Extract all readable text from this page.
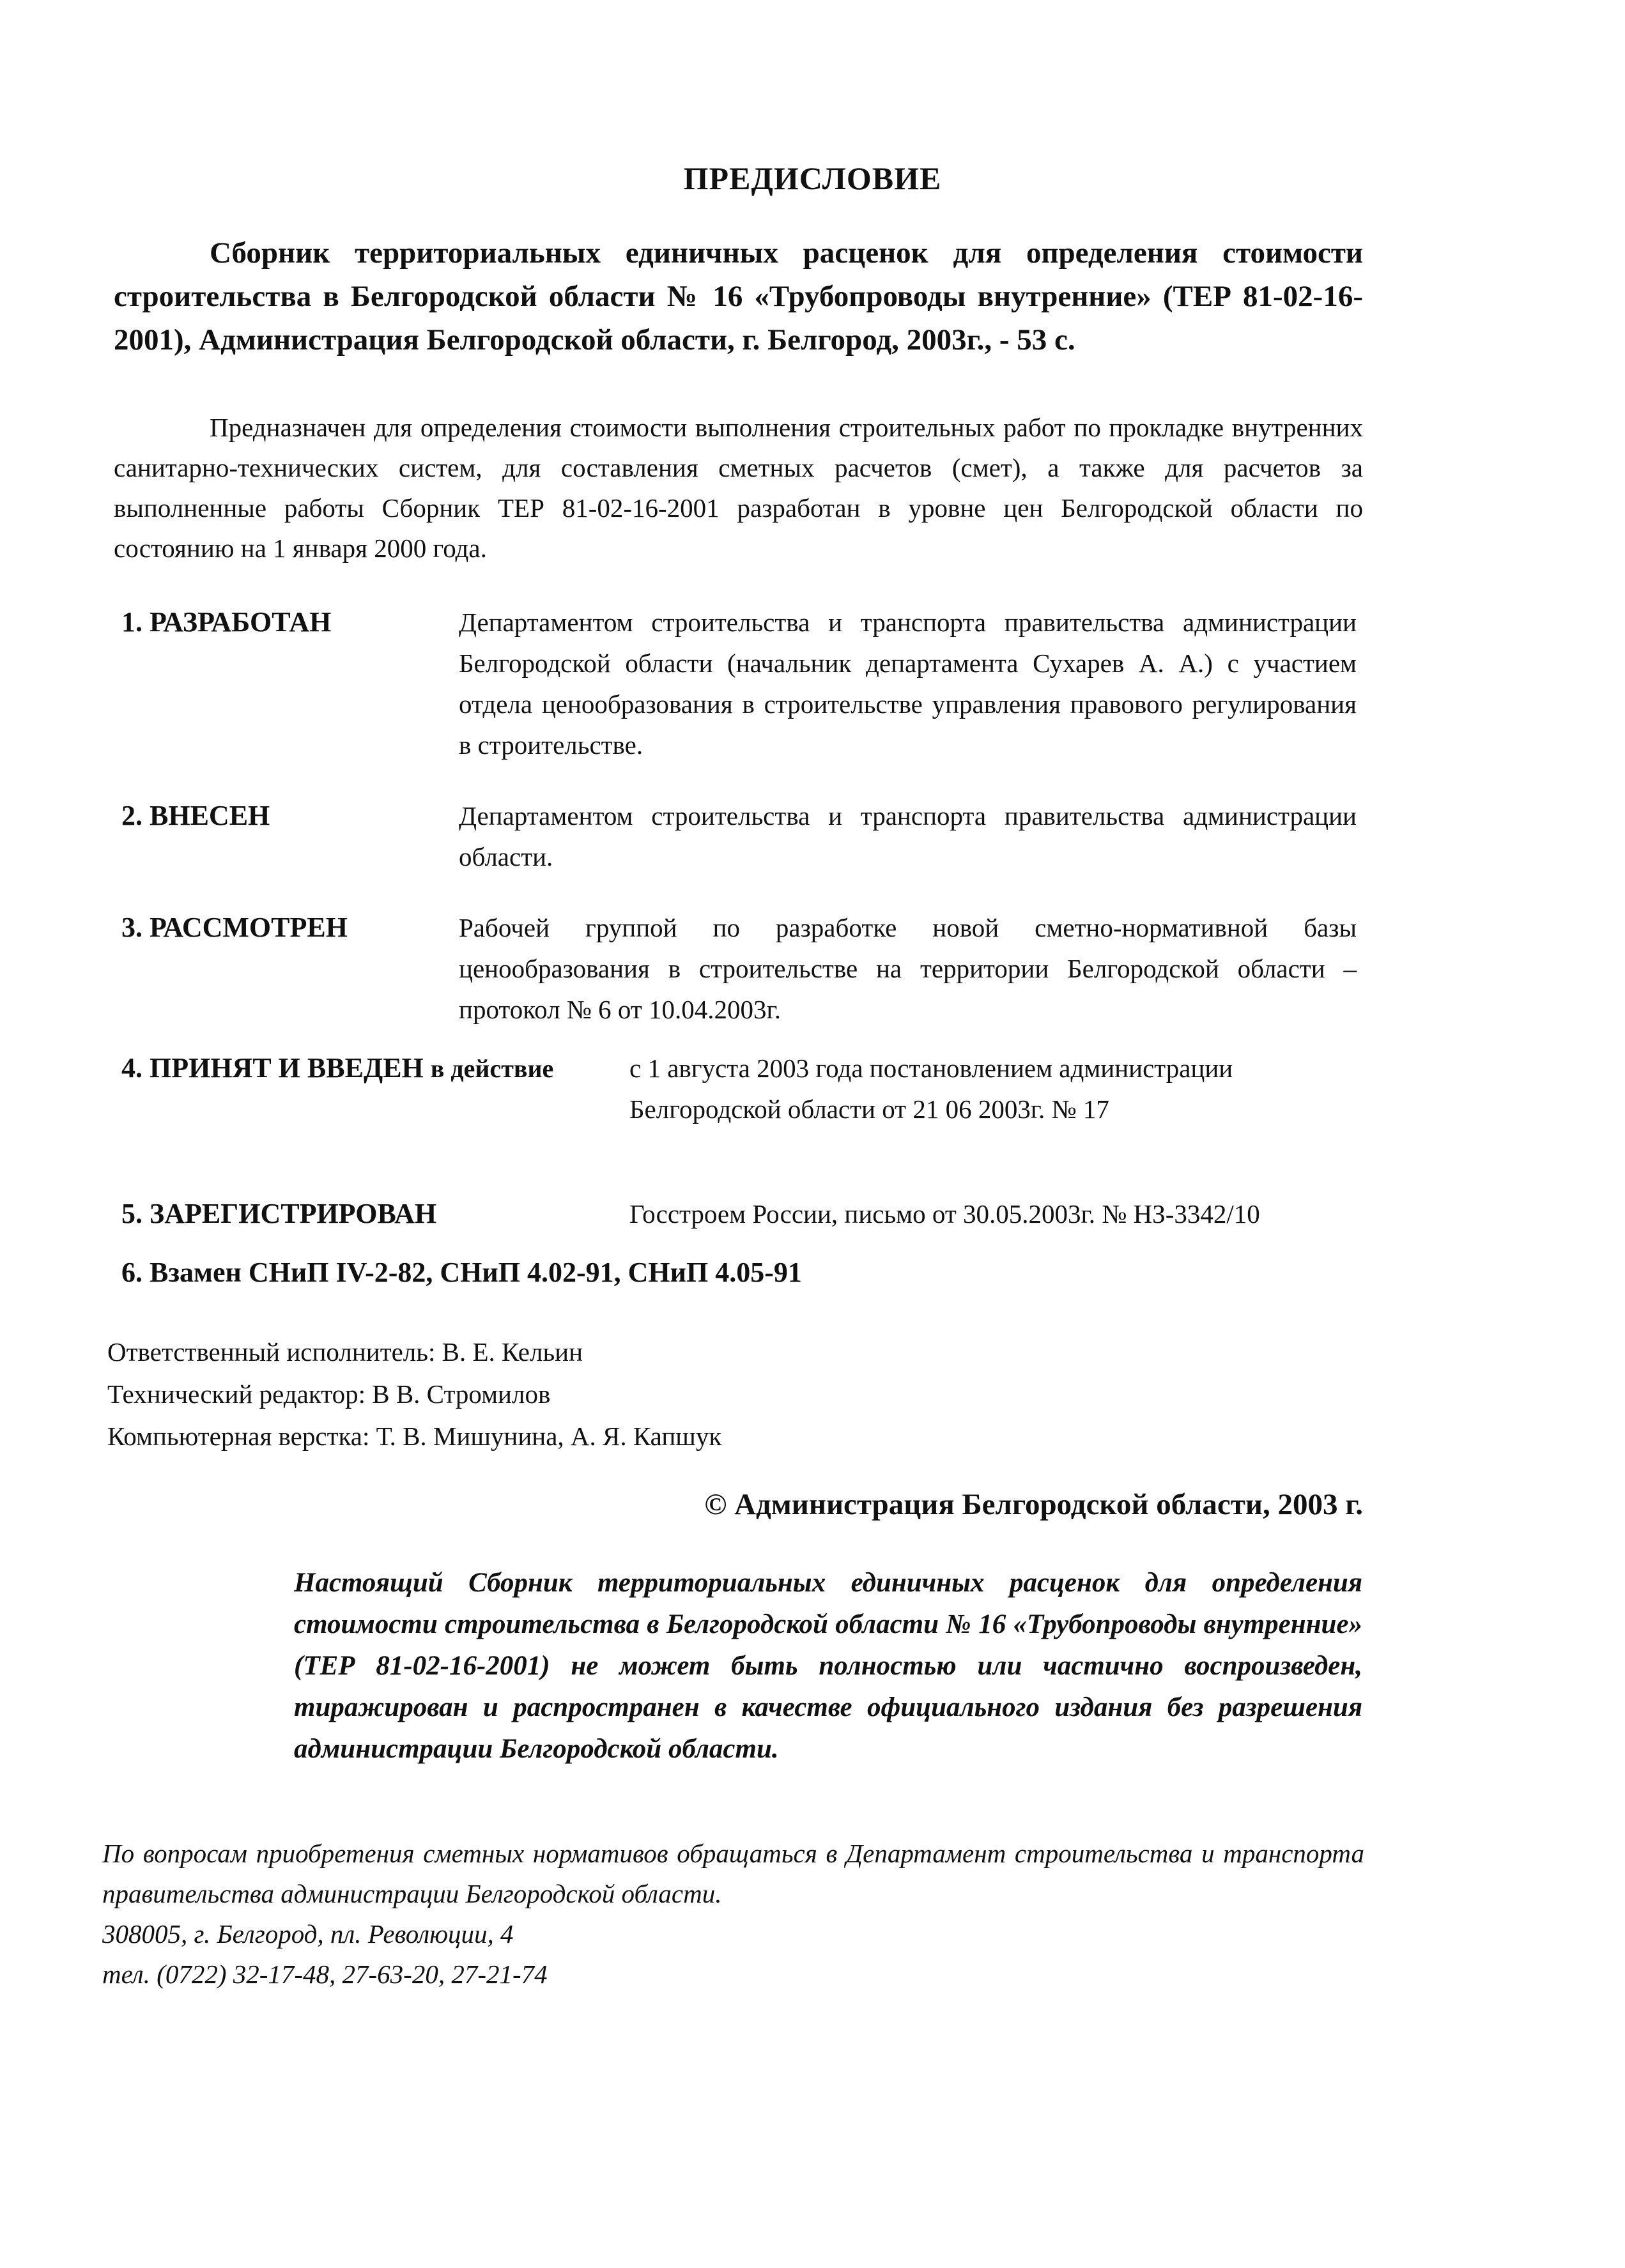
ПРЕДИСЛОВИЕ
Сборник территориальных единичных расценок для определения стоимости строительства в Белгородской области № 16 «Трубопроводы внутренние» (ТЕР 81-02-16-2001), Администрация Белгородской области, г. Белгород, 2003г., - 53 с.
Предназначен для определения стоимости выполнения строительных работ по прокладке внутренних санитарно-технических систем, для составления сметных расчетов (смет), а также для расчетов за выполненные работы Сборник ТЕР 81-02-16-2001 разработан в уровне цен Белгородской области по состоянию на 1 января 2000 года.
1. РАЗРАБОТАН	Департаментом строительства и транспорта правительства администрации Белгородской области (начальник департамента Сухарев А. А.) с участием отдела ценообразования в строительстве управления правового регулирования в строительстве.
2. ВНЕСЕН	Департаментом строительства и транспорта правительства администрации области.
3. РАССМОТРЕН	Рабочей группой по разработке новой сметно-нормативной базы ценообразования в строительстве на территории Белгородской области – протокол № 6 от 10.04.2003г.
4. ПРИНЯТ И ВВЕДЕН в действие	с 1 августа 2003 года постановлением администрации
Белгородской области от 21 06 2003г. № 17
5. ЗАРЕГИСТРИРОВАН	Госстроем России, письмо от 30.05.2003г. № НЗ-3342/10
6. Взамен СНиП IV-2-82, СНиП 4.02-91, СНиП 4.05-91
Ответственный исполнитель: В. Е. Кельин
Технический редактор: В В. Стромилов
Компьютерная верстка: Т. В. Мишунина, А. Я. Капшук
© Администрация Белгородской области, 2003 г.
Настоящий Сборник территориальных единичных расценок для определения стоимости строительства в Белгородской области № 16 «Трубопроводы внутренние» (ТЕР 81-02-16-2001) не может быть полностью или частично воспроизведен, тиражирован и распространен в качестве официального издания без разрешения администрации Белгородской области.
По вопросам приобретения сметных нормативов обращаться в Департамент строительства и транспорта правительства администрации Белгородской области.
308005, г. Белгород, пл. Революции, 4
тел. (0722) 32-17-48, 27-63-20, 27-21-74
